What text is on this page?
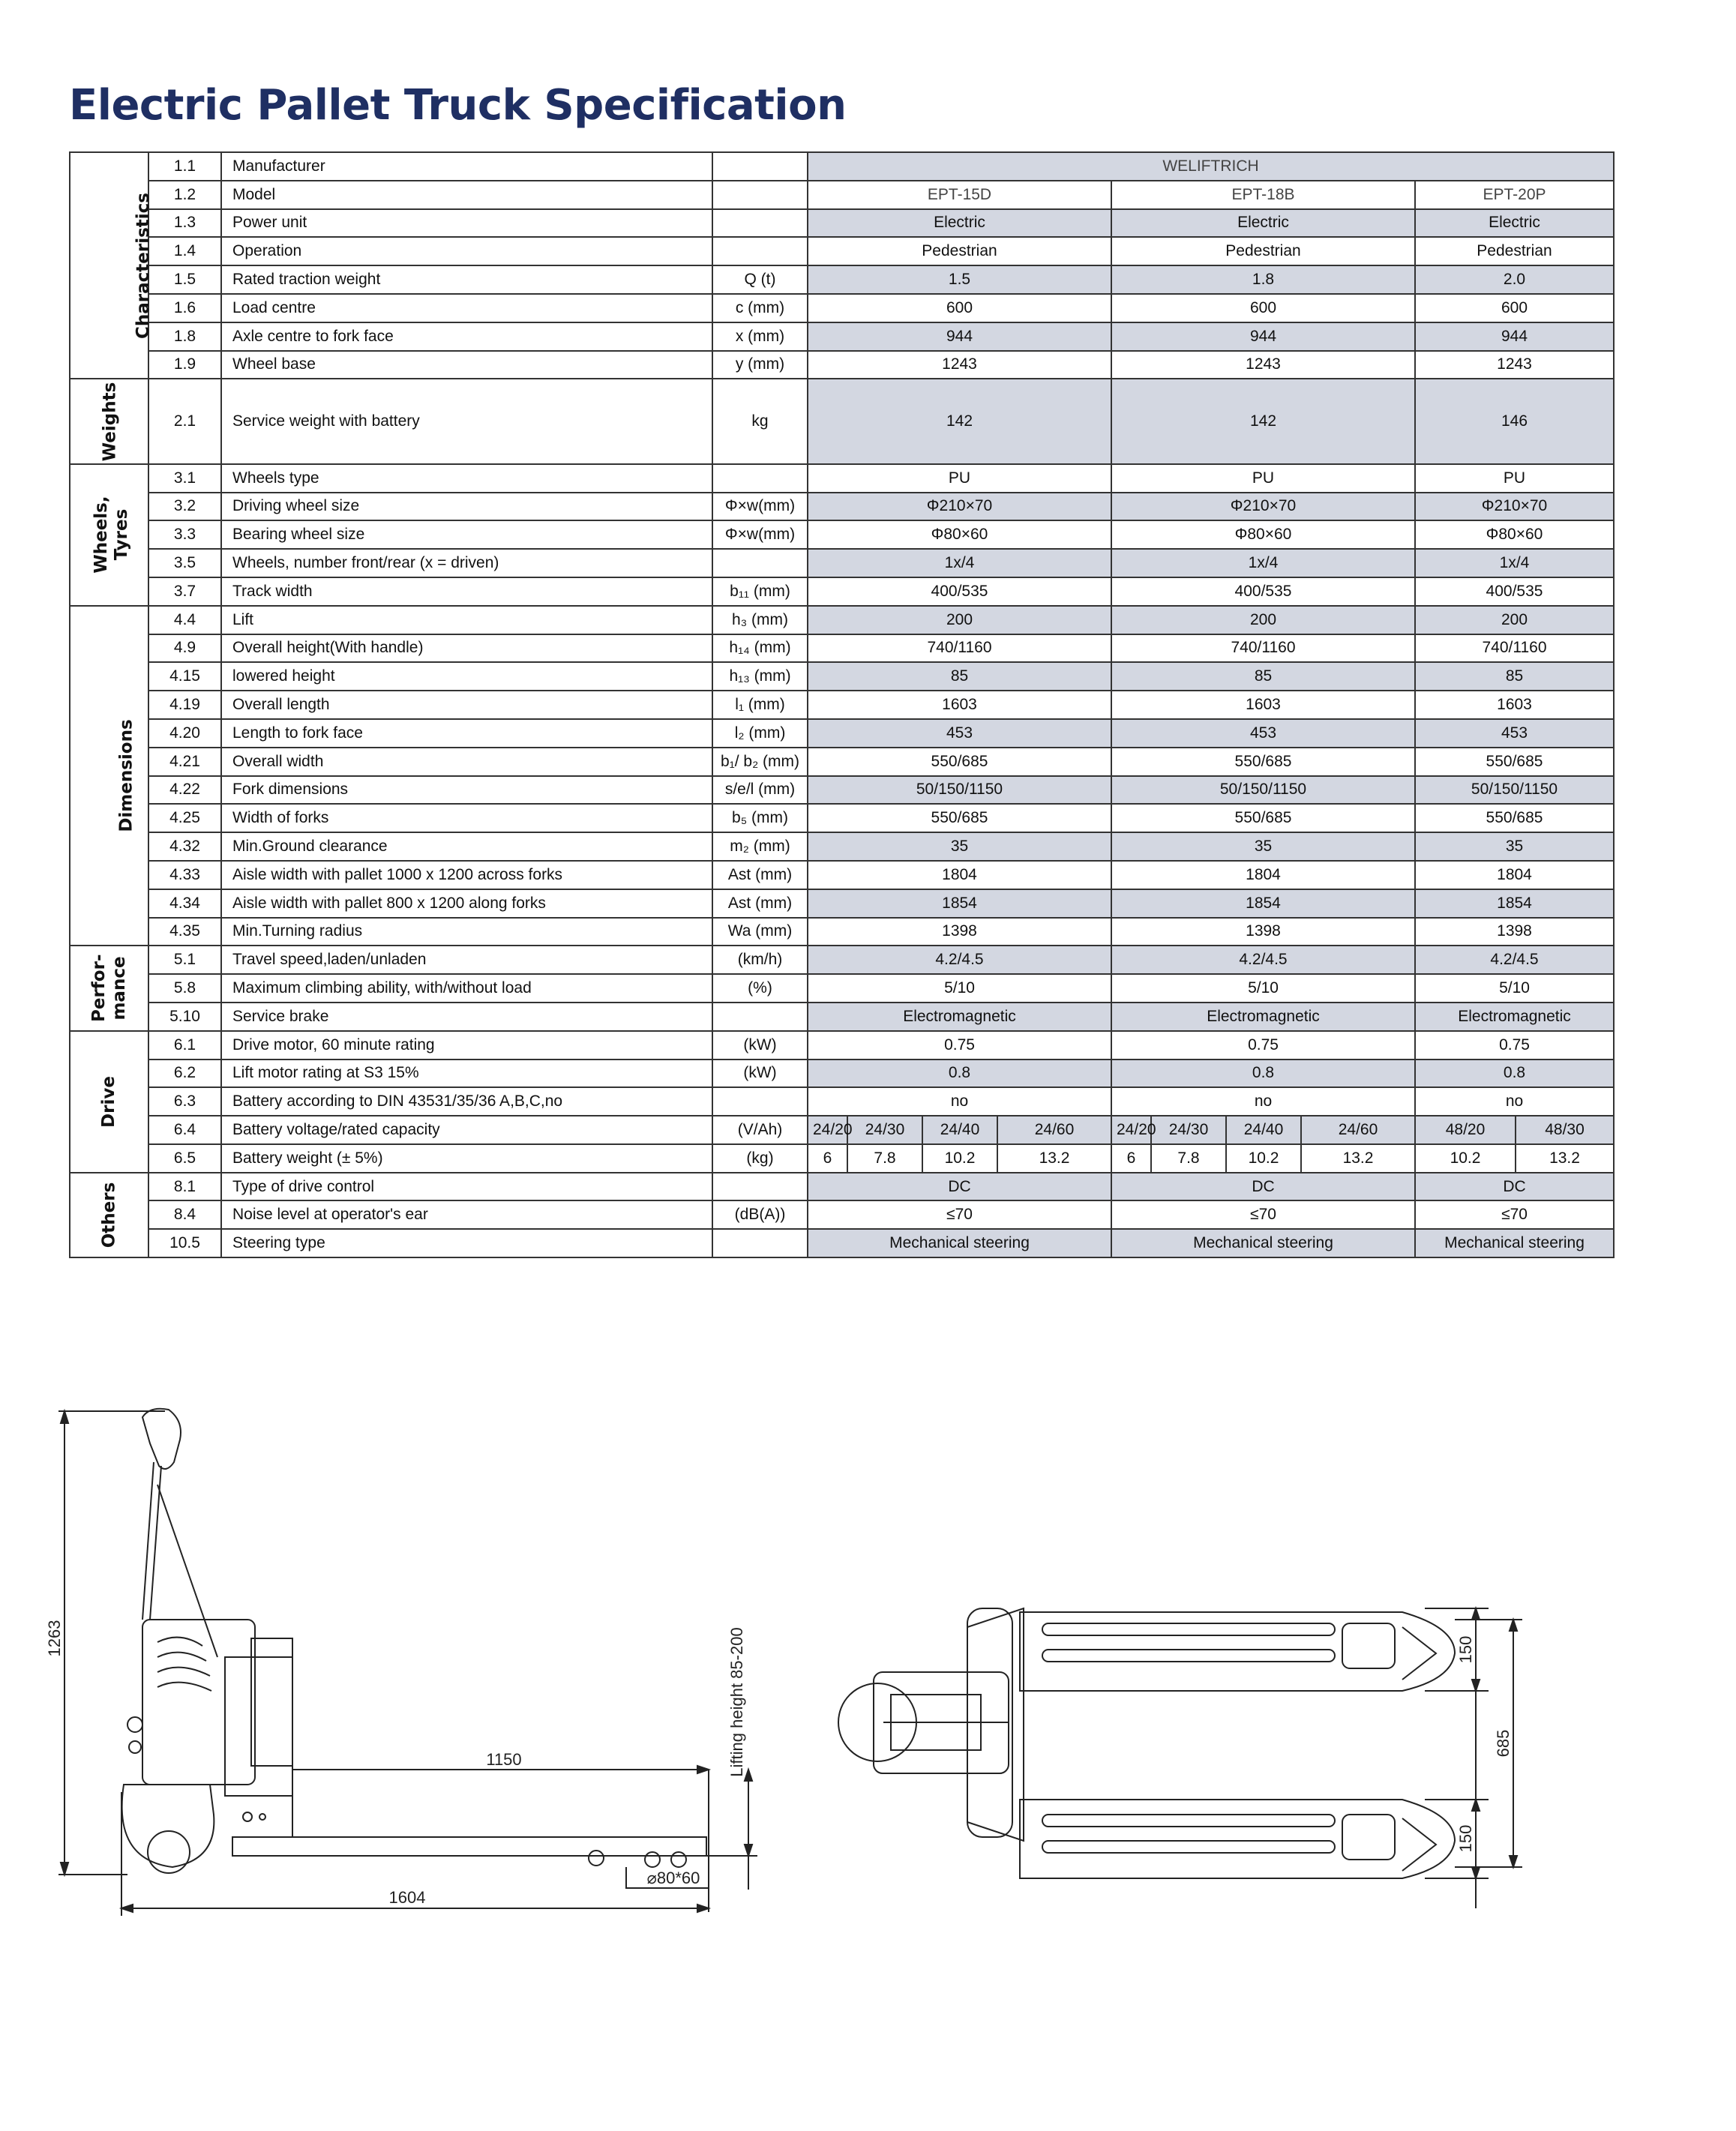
Electric Pallet Truck Specification
Characteristics	1.1	Manufacturer		WELIFTRICH									
	1.2	Model		EPT-15D				EPT-18B				EPT-20P	
	1.3	Power unit		Electric				Electric				Electric	
	1.4	Operation		Pedestrian				Pedestrian				Pedestrian	
	1.5	Rated traction weight	Q (t)	1.5				1.8				2.0	
	1.6	Load centre	c (mm)	600				600				600	
	1.8	Axle centre to fork face	x (mm)	944				944				944	
	1.9	Wheel base	y (mm)	1243				1243				1243	
Weights	2.1	Service weight with battery	kg	142				142				146	
Wheels, Tyres	3.1	Wheels type		PU				PU				PU	
	3.2	Driving wheel size	Φ×w(mm)	Φ210×70				Φ210×70				Φ210×70	
	3.3	Bearing wheel size	Φ×w(mm)	Φ80×60				Φ80×60				Φ80×60	
	3.5	Wheels, number front/rear (x = driven)		1x/4				1x/4				1x/4	
	3.7	Track width	b₁₁ (mm)	400/535				400/535				400/535	
Dimensions	4.4	Lift	h₃ (mm)	200				200				200	
	4.9	Overall height(With handle)	h₁₄ (mm)	740/1160				740/1160				740/1160	
	4.15	lowered height	h₁₃ (mm)	85				85				85	
	4.19	Overall length	l₁ (mm)	1603				1603				1603	
	4.20	Length to fork face	l₂ (mm)	453				453				453	
	4.21	Overall width	b₁/ b₂ (mm)	550/685				550/685				550/685	
	4.22	Fork dimensions	s/e/l (mm)	50/150/1150				50/150/1150				50/150/1150	
	4.25	Width of forks	b₅ (mm)	550/685				550/685				550/685	
	4.32	Min.Ground clearance	m₂ (mm)	35				35				35	
	4.33	Aisle width with pallet 1000 x 1200 across forks	Ast (mm)	1804				1804				1804	
	4.34	Aisle width with pallet 800 x 1200 along forks	Ast (mm)	1854				1854				1854	
	4.35	Min.Turning radius	Wa (mm)	1398				1398				1398	
Perfor- mance	5.1	Travel speed,laden/unladen	(km/h)	4.2/4.5				4.2/4.5				4.2/4.5	
	5.8	Maximum climbing ability, with/without load	(%)	5/10				5/10				5/10	
	5.10	Service brake		Electromagnetic				Electromagnetic				Electromagnetic	
Drive	6.1	Drive motor, 60 minute rating	(kW)	0.75				0.75				0.75	
	6.2	Lift motor rating at S3 15%	(kW)	0.8				0.8				0.8	
	6.3	Battery according to DIN 43531/35/36 A,B,C,no		no				no				no	
	6.4	Battery voltage/rated capacity	(V/Ah)	24/20	24/30	24/40	24/60	24/20	24/30	24/40	24/60	48/20	48/30
	6.5	Battery weight (± 5%)	(kg)	6	7.8	10.2	13.2	6	7.8	10.2	13.2	10.2	13.2
Others	8.1	Type of drive control		DC				DC				DC	
	8.4	Noise level at operator's ear	(dB(A))	≤70				≤70				≤70	
	10.5	Steering type		Mechanical steering				Mechanical steering				Mechanical steering	
1263
1150
1604
Lifting height 85-200
⌀80*60
150
685
150
